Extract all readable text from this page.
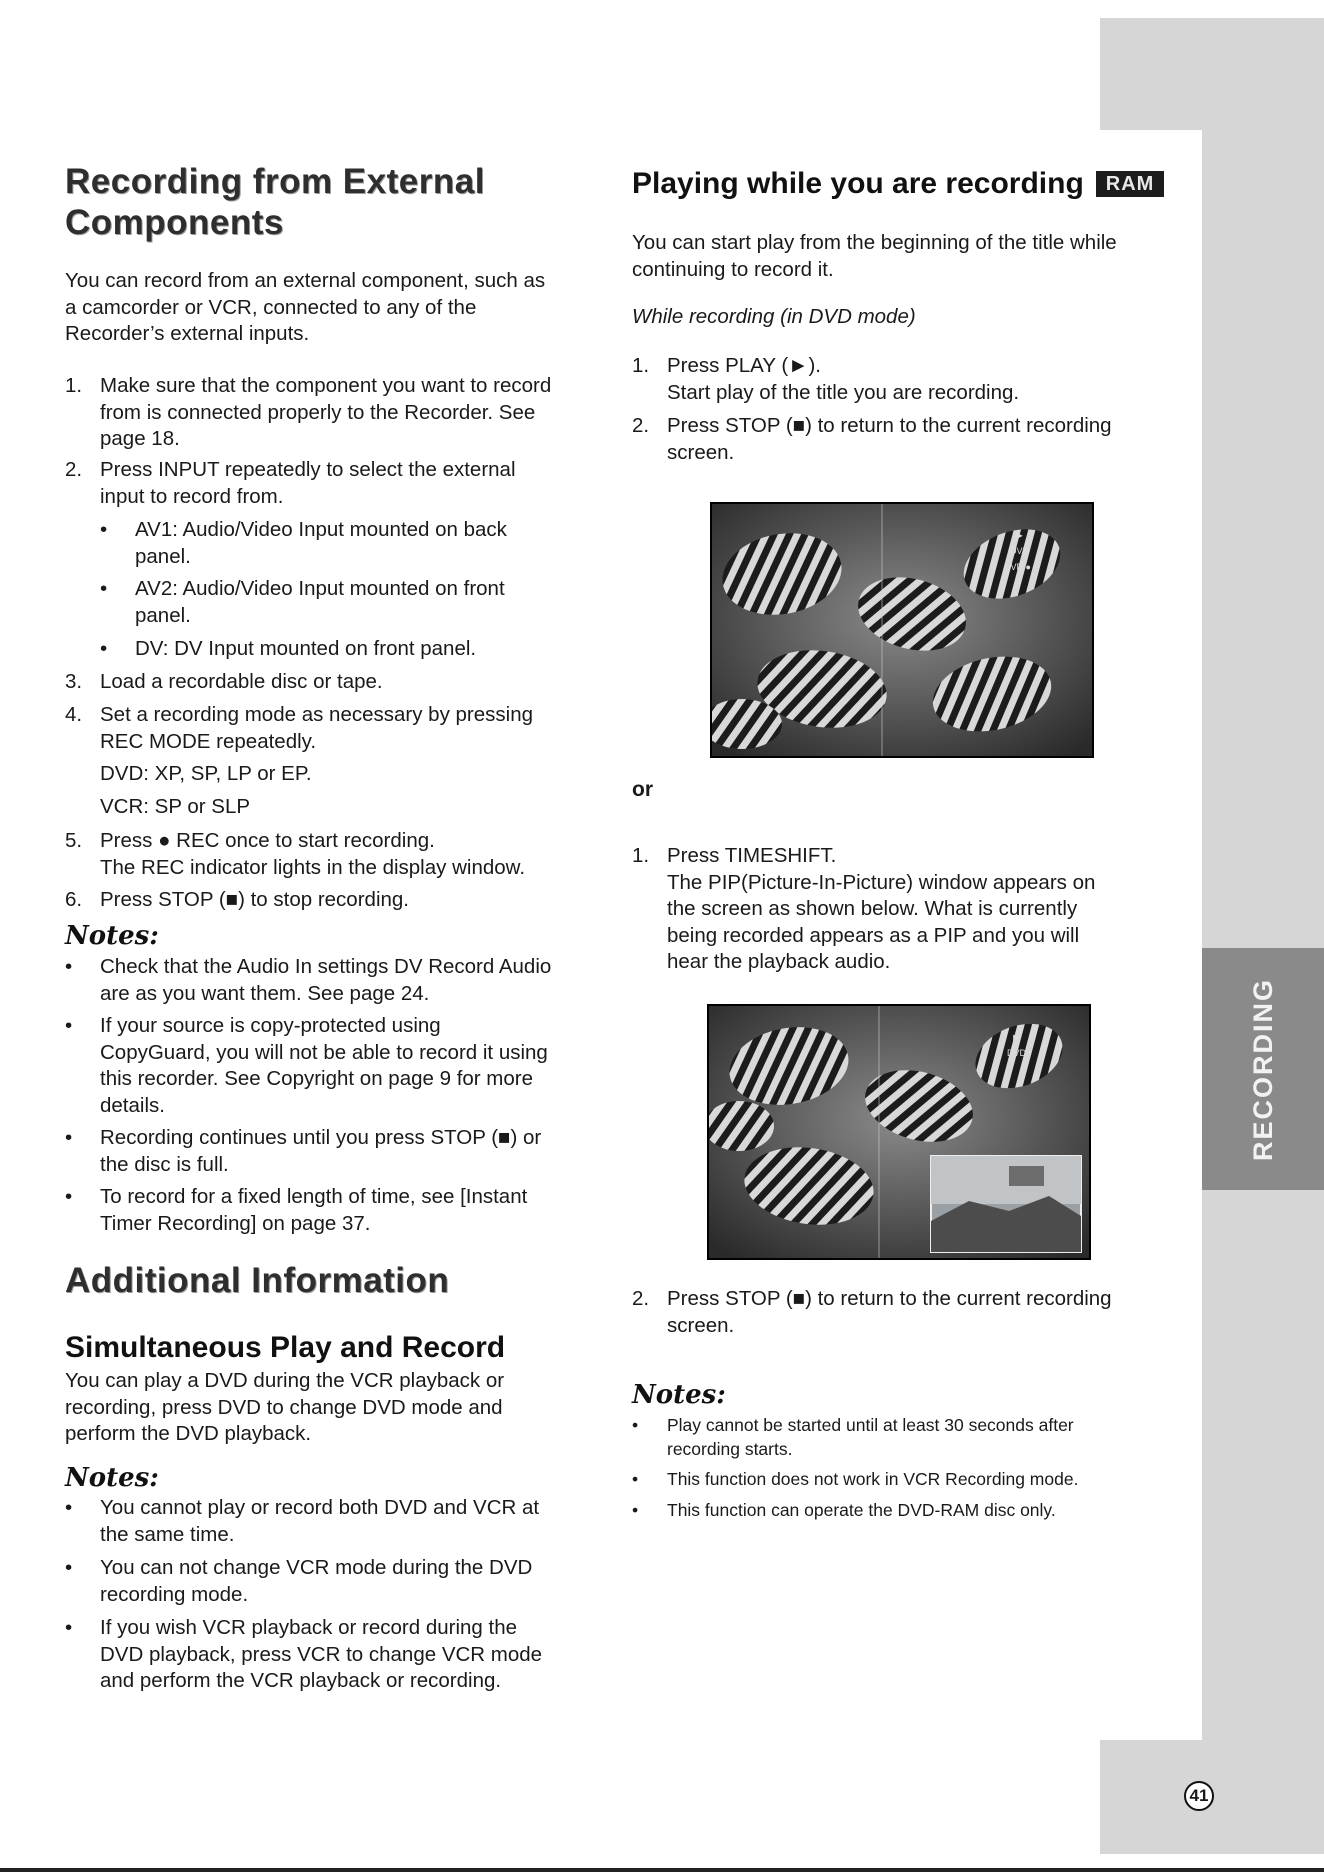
RECORDING
41
Recording from External
Components
You can record from an external component, such as
a camcorder or VCR, connected to any of the
Recorder’s external inputs.
1. Make sure that the component you want to record
from is connected properly to the Recorder. See
page 18.
2. Press INPUT repeatedly to select the external
input to record from.
• AV1: Audio/Video Input mounted on back
panel.
• AV2: Audio/Video Input mounted on front
panel.
• DV: DV Input mounted on front panel.
3. Load a recordable disc or tape.
4. Set a recording mode as necessary by pressing
REC MODE repeatedly.
DVD: XP, SP, LP or EP.
VCR: SP or SLP
5. Press ● REC once to start recording.
The REC indicator lights in the display window.
6. Press STOP (■) to stop recording.
Notes:
• Check that the Audio In settings DV Record Audio
are as you want them. See page 24.
• If your source is copy-protected using
CopyGuard, you will not be able to record it using
this recorder. See Copyright on page 9 for more
details.
• Recording continues until you press STOP (■) or
the disc is full.
• To record for a fixed length of time, see [Instant
Timer Recording] on page 37.
Additional Information
Simultaneous Play and Record
You can play a DVD during the VCR playback or
recording, press DVD to change DVD mode and
perform the DVD playback.
Notes:
• You cannot play or record both DVD and VCR at
the same time.
• You can not change VCR mode during the DVD
recording mode.
• If you wish VCR playback or record during the
DVD playback, press VCR to change VCR mode
and perform the VCR playback or recording.
Playing while you are recording	RAM
You can start play from the beginning of the title while
continuing to record it.
While recording (in DVD mode)
1. Press PLAY (►).
Start play of the title you are recording.
2. Press STOP (■) to return to the current recording
screen.
►
DVD
DVD ●
or
1. Press TIMESHIFT.
The PIP(Picture-In-Picture) window appears on
the screen as shown below. What is currently
being recorded appears as a PIP and you will
hear the playback audio.
►
DVD
2. Press STOP (■) to return to the current recording
screen.
Notes:
• Play cannot be started until at least 30 seconds after
recording starts.
• This function does not work in VCR Recording mode.
• This function can operate the DVD-RAM disc only.
